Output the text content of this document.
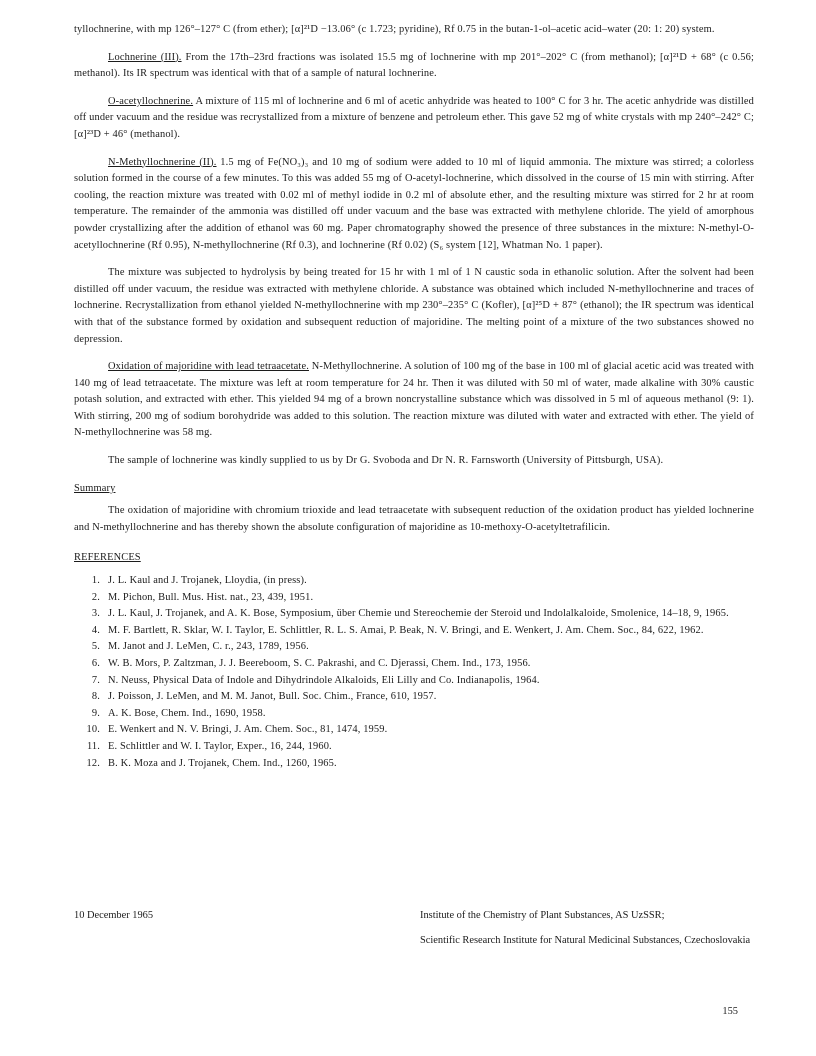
tyllochnerine, with mp 126°–127° C (from ether); [α]²¹D −13.06° (c 1.723; pyridine), Rf 0.75 in the butan-1-ol–acetic acid–water (20: 1: 20) system.

Lochnerine (III). From the 17th–23rd fractions was isolated 15.5 mg of lochnerine with mp 201°–202° C (from methanol); [α]²¹D + 68° (c 0.56; methanol). Its IR spectrum was identical with that of a sample of natural lochnerine.

O-acetyllochnerine. A mixture of 115 ml of lochnerine and 6 ml of acetic anhydride was heated to 100° C for 3 hr. The acetic anhydride was distilled off under vacuum and the residue was recrystallized from a mixture of benzene and petroleum ether. This gave 52 mg of white crystals with mp 240°–242° C; [α]²³D + 46° (methanol).

N-Methyllochnerine (II). 1.5 mg of Fe(NO₃)₃ and 10 mg of sodium were added to 10 ml of liquid ammonia. The mixture was stirred; a colorless solution formed in the course of a few minutes. To this was added 55 mg of O-acetyl-lochnerine, which dissolved in the course of 15 min with stirring. After cooling, the reaction mixture was treated with 0.02 ml of methyl iodide in 0.2 ml of absolute ether, and the resulting mixture was stirred for 2 hr at room temperature. The remainder of the ammonia was distilled off under vacuum and the base was extracted with methylene chloride. The yield of amorphous powder crystallizing after the addition of ethanol was 60 mg. Paper chromatography showed the presence of three substances in the mixture: N-methyl-O-acetyllochnerine (Rf 0.95), N-methyllochnerine (Rf 0.3), and lochnerine (Rf 0.02) (S₆ system [12], Whatman No. 1 paper).

The mixture was subjected to hydrolysis by being treated for 15 hr with 1 ml of 1 N caustic soda in ethanolic solution. After the solvent had been distilled off under vacuum, the residue was extracted with methylene chloride. A substance was obtained which included N-methyllochnerine and traces of lochnerine. Recrystallization from ethanol yielded N-methyllochnerine with mp 230°–235° C (Kofler), [α]²⁵D + 87° (ethanol); the IR spectrum was identical with that of the substance formed by oxidation and subsequent reduction of majoridine. The melting point of a mixture of the two substances showed no depression.

Oxidation of majoridine with lead tetraacetate. N-Methyllochnerine. A solution of 100 mg of the base in 100 ml of glacial acetic acid was treated with 140 mg of lead tetraacetate. The mixture was left at room temperature for 24 hr. Then it was diluted with 50 ml of water, made alkaline with 30% caustic potash solution, and extracted with ether. This yielded 94 mg of a brown noncrystalline substance which was dissolved in 5 ml of aqueous methanol (9: 1). With stirring, 200 mg of sodium borohydride was added to this solution. The reaction mixture was diluted with water and extracted with ether. The yield of N-methyllochnerine was 58 mg.

The sample of lochnerine was kindly supplied to us by Dr G. Svoboda and Dr N. R. Farnsworth (University of Pittsburgh, USA).

Summary

The oxidation of majoridine with chromium trioxide and lead tetraacetate with subsequent reduction of the oxidation product has yielded lochnerine and N-methyllochnerine and has thereby shown the absolute configuration of majoridine as 10-methoxy-O-acetyltetrafilicin.

REFERENCES
1. J. L. Kaul and J. Trojanek, Lloydia, (in press).
2. M. Pichon, Bull. Mus. Hist. nat., 23, 439, 1951.
3. J. L. Kaul, J. Trojanek, and A. K. Bose, Symposium, über Chemie und Stereochemie der Steroid und Indolalkaloide, Smolenice, 14–18, 9, 1965.
4. M. F. Bartlett, R. Sklar, W. I. Taylor, E. Schlittler, R. L. S. Amai, P. Beak, N. V. Bringi, and E. Wenkert, J. Am. Chem. Soc., 84, 622, 1962.
5. M. Janot and J. LeMen, C. r., 243, 1789, 1956.
6. W. B. Mors, P. Zaltzman, J. J. Beereboom, S. C. Pakrashi, and C. Djerassi, Chem. Ind., 173, 1956.
7. N. Neuss, Physical Data of Indole and Dihydrindole Alkaloids, Eli Lilly and Co. Indianapolis, 1964.
8. J. Poisson, J. LeMen, and M. M. Janot, Bull. Soc. Chim., France, 610, 1957.
9. A. K. Bose, Chem. Ind., 1690, 1958.
10. E. Wenkert and N. V. Bringi, J. Am. Chem. Soc., 81, 1474, 1959.
11. E. Schlittler and W. I. Taylor, Exper., 16, 244, 1960.
12. B. K. Moza and J. Trojanek, Chem. Ind., 1260, 1965.
10 December 1965	Institute of the Chemistry of Plant Substances, AS UzSSR;
Scientific Research Institute for Natural Medicinal Substances, Czechoslovakia
155
